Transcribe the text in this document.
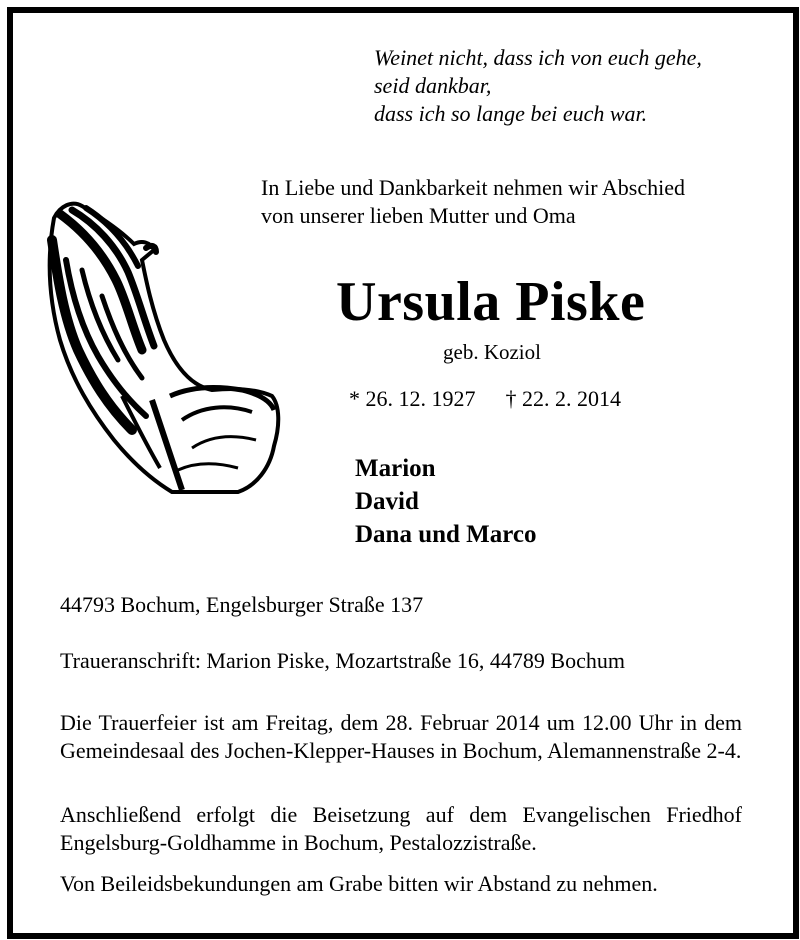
Weinet nicht, dass ich von euch gehe,
seid dankbar,
dass ich so lange bei euch war.
In Liebe und Dankbarkeit nehmen wir Abschied
von unserer lieben Mutter und Oma
Ursula Piske
geb. Koziol
* 26. 12. 1927 † 22. 2. 2014
Marion
David
Dana und Marco
44793 Bochum, Engelsburger Straße 137
Traueranschrift: Marion Piske, Mozartstraße 16, 44789 Bochum
Die Trauerfeier ist am Freitag, dem 28. Februar 2014 um 12.00 Uhr in dem Gemeindesaal des Jochen-Klepper-Hauses in Bochum, Alemannenstraße 2-4.
Anschließend erfolgt die Beisetzung auf dem Evangelischen Friedhof Engelsburg-Goldhamme in Bochum, Pestalozzistraße.
Von Beileidsbekundungen am Grabe bitten wir Abstand zu nehmen.
